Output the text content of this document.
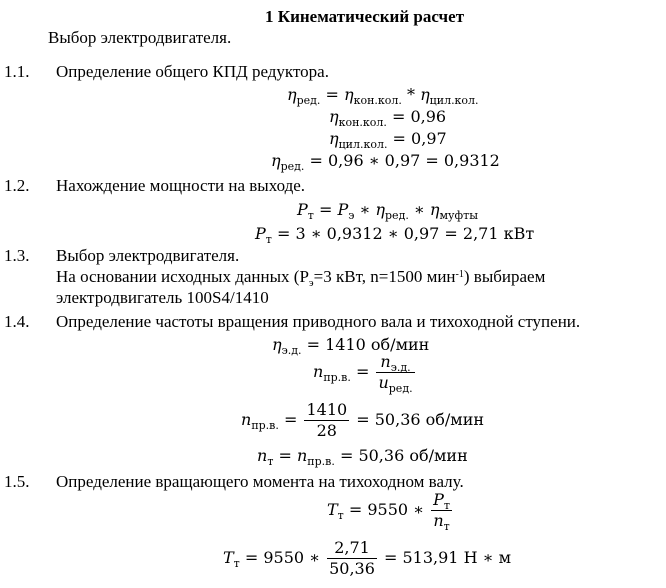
1 Кинематический расчет
Выбор электродвигателя.
1.1. Определение общего КПД редуктора.
$\eta_{ред.} = \eta_{кон.кол.} * \eta_{цил.кол.}$
$\eta_{кон.кол.} = 0,96$
$\eta_{цил.кол.} = 0,97$
$\eta_{ред.} = 0,96$ ∗ 0,97 = 0,9312
1.2. Нахождение мощности на выходе.
$P_т = P_э$ ∗ $\eta_{ред.}$ ∗ $\eta_{муфты}$
$P_т = 3$ ∗ 0,9312 ∗ 0,97 = 2,71 кВт
1.3. Выбор электродвигателя.
На основании исходных данных ($P_э=3$ кВт, n=1500 мин$^{-1}$) выбираем
электродвигатель 100S4/1410
1.4. Определение частоты вращения приводного вала и тихоходной ступени.
$\eta_{э.д.} = 1410$ об/мин
$n_{пр.в.} = \frac{n_{э.д.}}{u_{ред.}}$
$n_{пр.в.} = \frac{1410}{28} = 50,36$ об/мин
$n_т = n_{пр.в.} = 50,36$ об/мин
1.5. Определение вращающего момента на тихоходном валу.
$T_т = 9550$ ∗ $\frac{P_т}{n_т}$
$T_т = 9550$ ∗ $\frac{2,71}{50,36} = 513,91$ Н ∗ м
